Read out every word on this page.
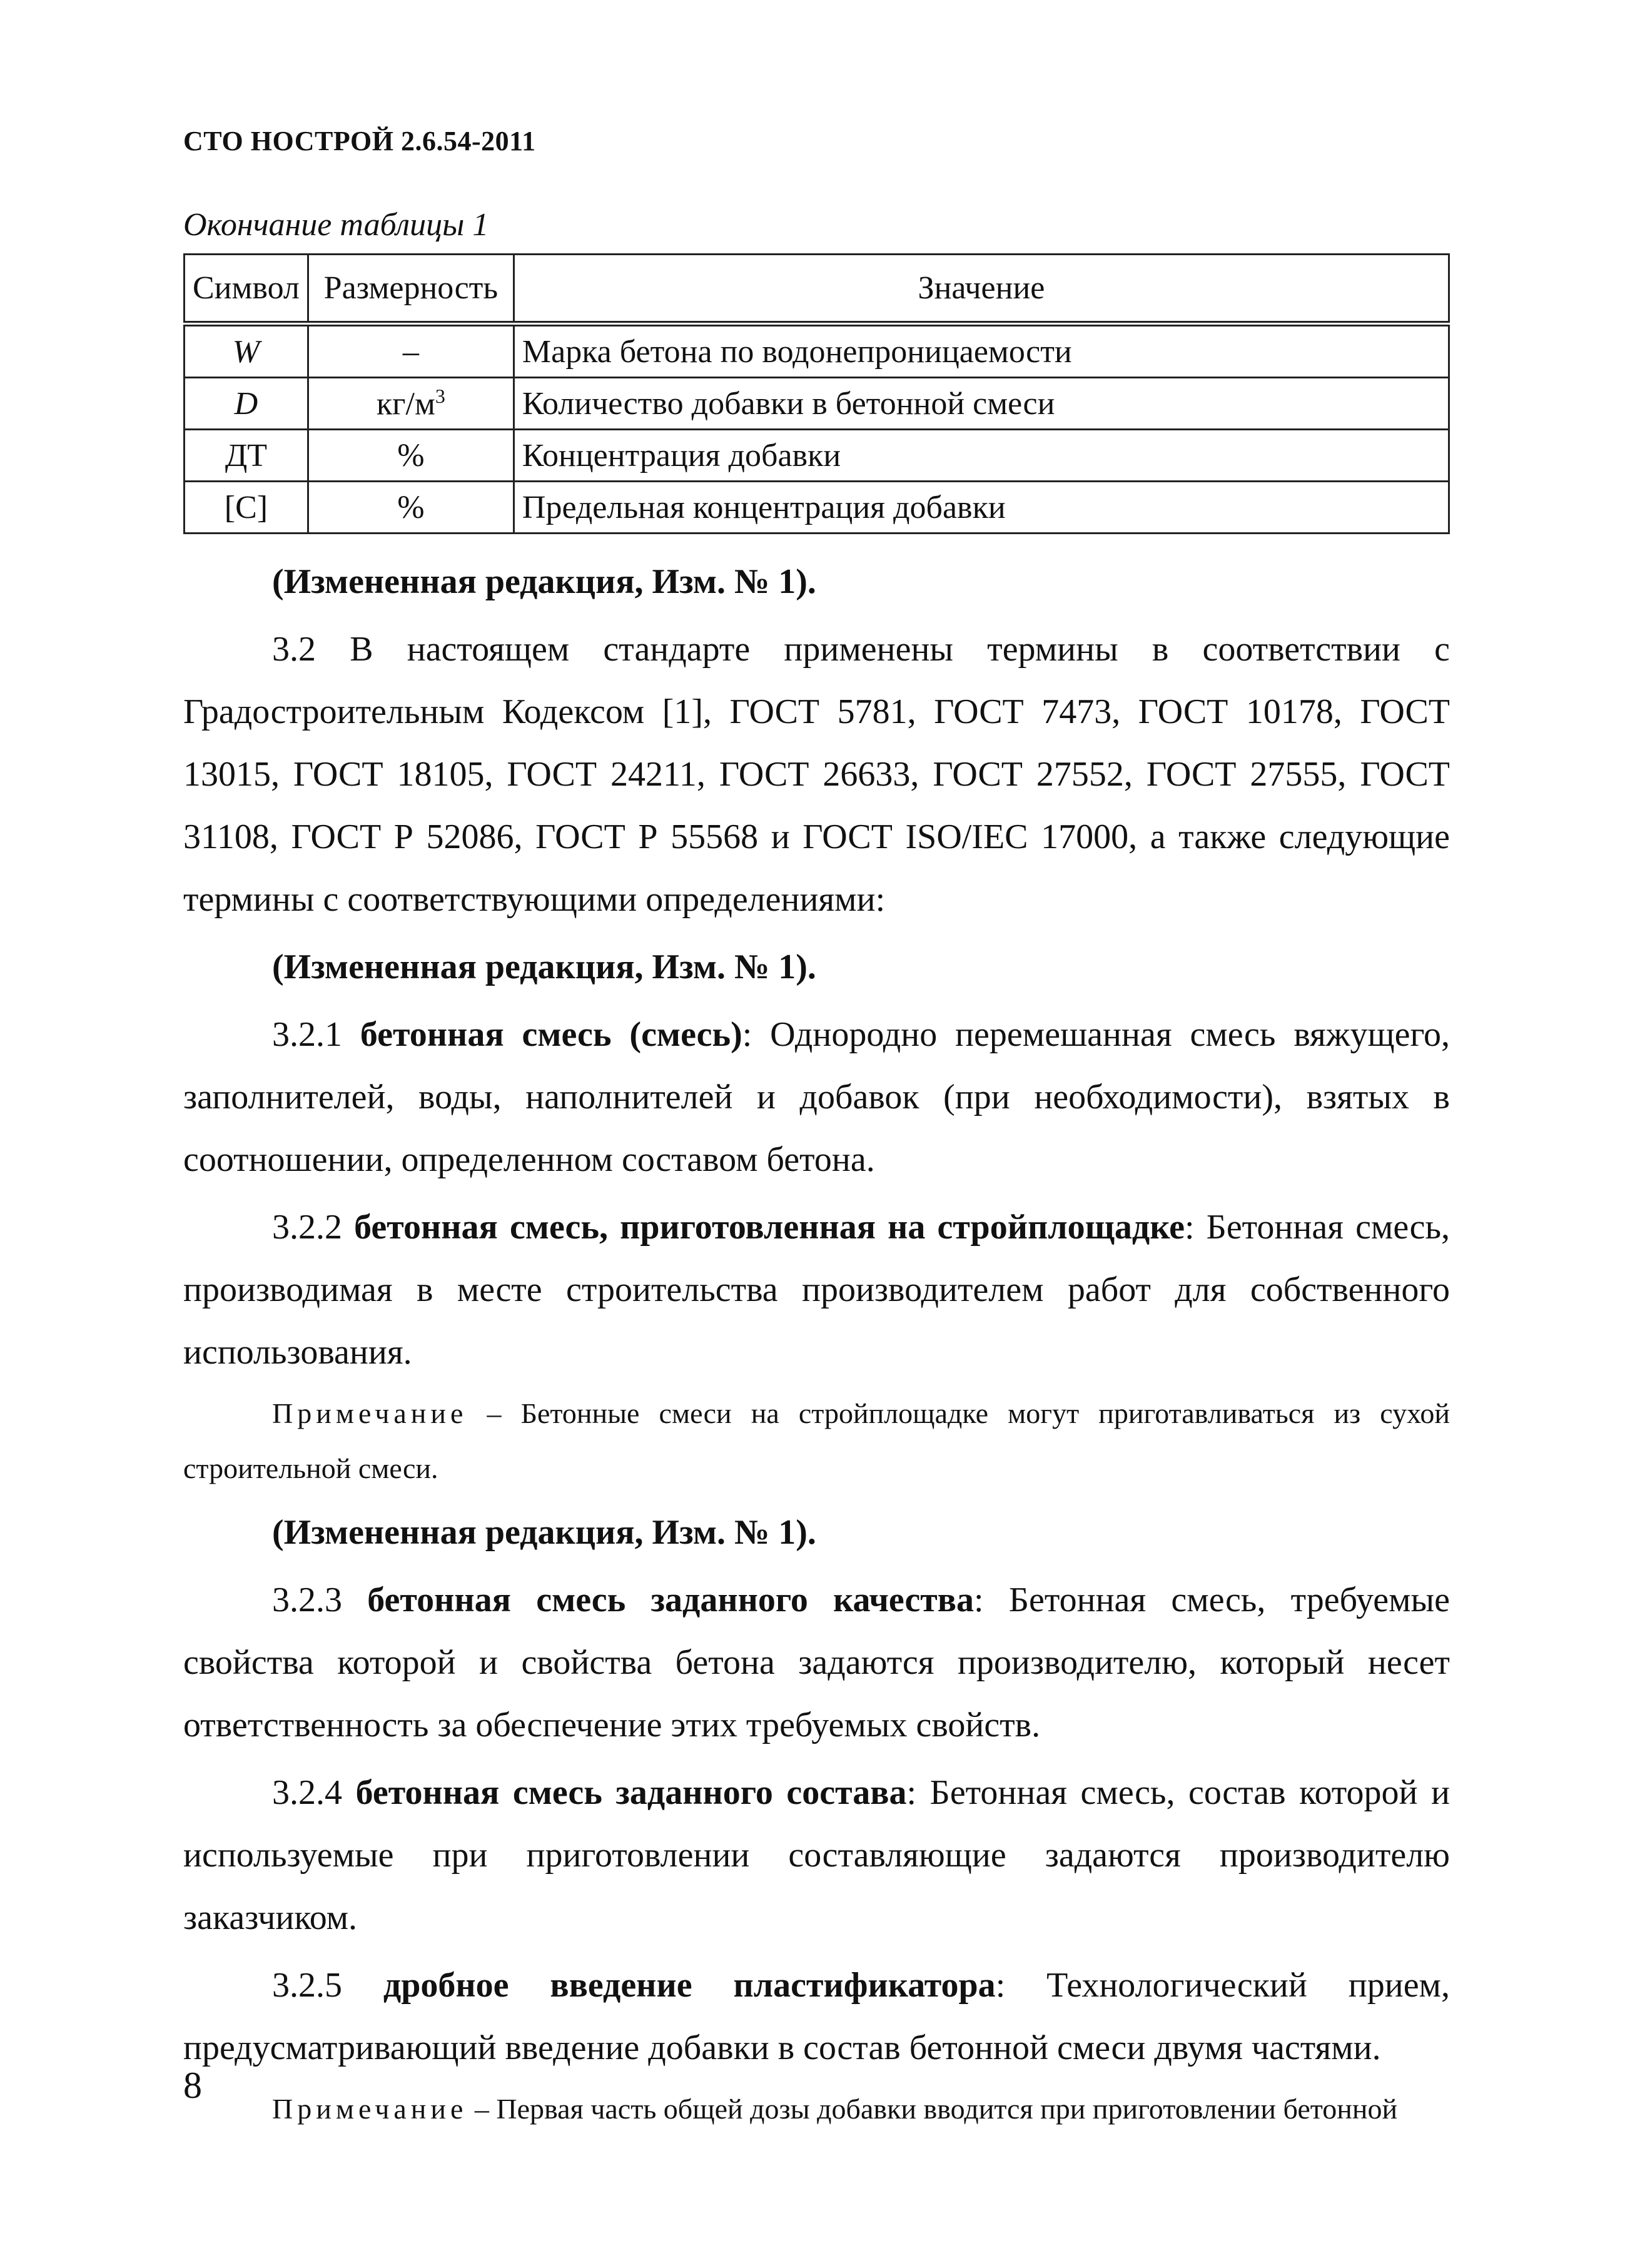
СТО НОСТРОЙ 2.6.54-2011
Окончание таблицы 1
Символ	Размерность	Значение
W	–	Марка бетона по водонепроницаемости
D	$кг/м^3$	Количество добавки в бетонной смеси
ДТ	%	Концентрация добавки
[C]	%	Предельная концентрация добавки

(Измененная редакция, Изм. № 1).

3.2 В настоящем стандарте применены термины в соответствии с Градостроительным Кодексом [1], ГОСТ 5781, ГОСТ 7473, ГОСТ 10178, ГОСТ 13015, ГОСТ 18105, ГОСТ 24211, ГОСТ 26633, ГОСТ 27552, ГОСТ 27555, ГОСТ 31108, ГОСТ Р 52086, ГОСТ Р 55568 и ГОСТ ISO/IEC 17000, а также следующие термины с соответствующими определениями:

(Измененная редакция, Изм. № 1).

3.2.1 бетонная смесь (смесь): Однородно перемешанная смесь вяжущего, заполнителей, воды, наполнителей и добавок (при необходимости), взятых в соотношении, определенном составом бетона.

3.2.2 бетонная смесь, приготовленная на стройплощадке: Бетонная смесь, производимая в месте строительства производителем работ для собственного использования.

Примечание – Бетонные смеси на стройплощадке могут приготавливаться из сухой строительной смеси.

(Измененная редакция, Изм. № 1).

3.2.3 бетонная смесь заданного качества: Бетонная смесь, требуемые свойства которой и свойства бетона задаются производителю, который несет ответственность за обеспечение этих требуемых свойств.

3.2.4 бетонная смесь заданного состава: Бетонная смесь, состав которой и используемые при приготовлении составляющие задаются производителю заказчиком.

3.2.5 дробное введение пластификатора: Технологический прием, предусматривающий введение добавки в состав бетонной смеси двумя частями.

Примечание – Первая часть общей дозы добавки вводится при приготовлении бетонной

8
